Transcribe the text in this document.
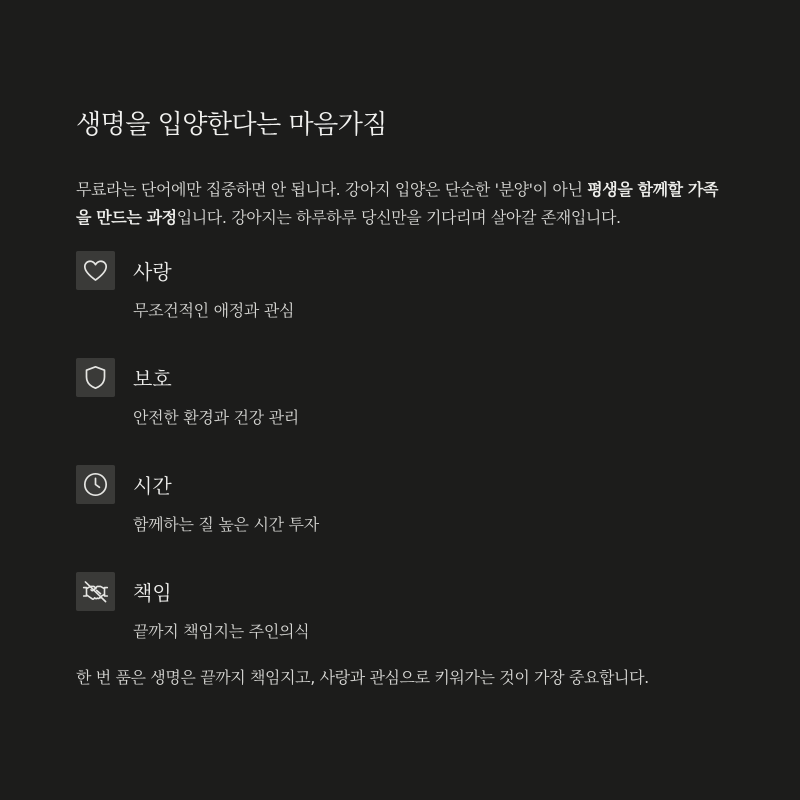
생명을 입양한다는 마음가짐

무료라는 단어에만 집중하면 안 됩니다. 강아지 입양은 단순한 '분양'이 아닌 평생을 함께할 가족을 만드는 과정입니다. 강아지는 하루하루 당신만을 기다리며 살아갈 존재입니다.

사랑
무조건적인 애정과 관심
보호
안전한 환경과 건강 관리
시간
함께하는 질 높은 시간 투자
책임
끝까지 책임지는 주인의식

한 번 품은 생명은 끝까지 책임지고, 사랑과 관심으로 키워가는 것이 가장 중요합니다.
